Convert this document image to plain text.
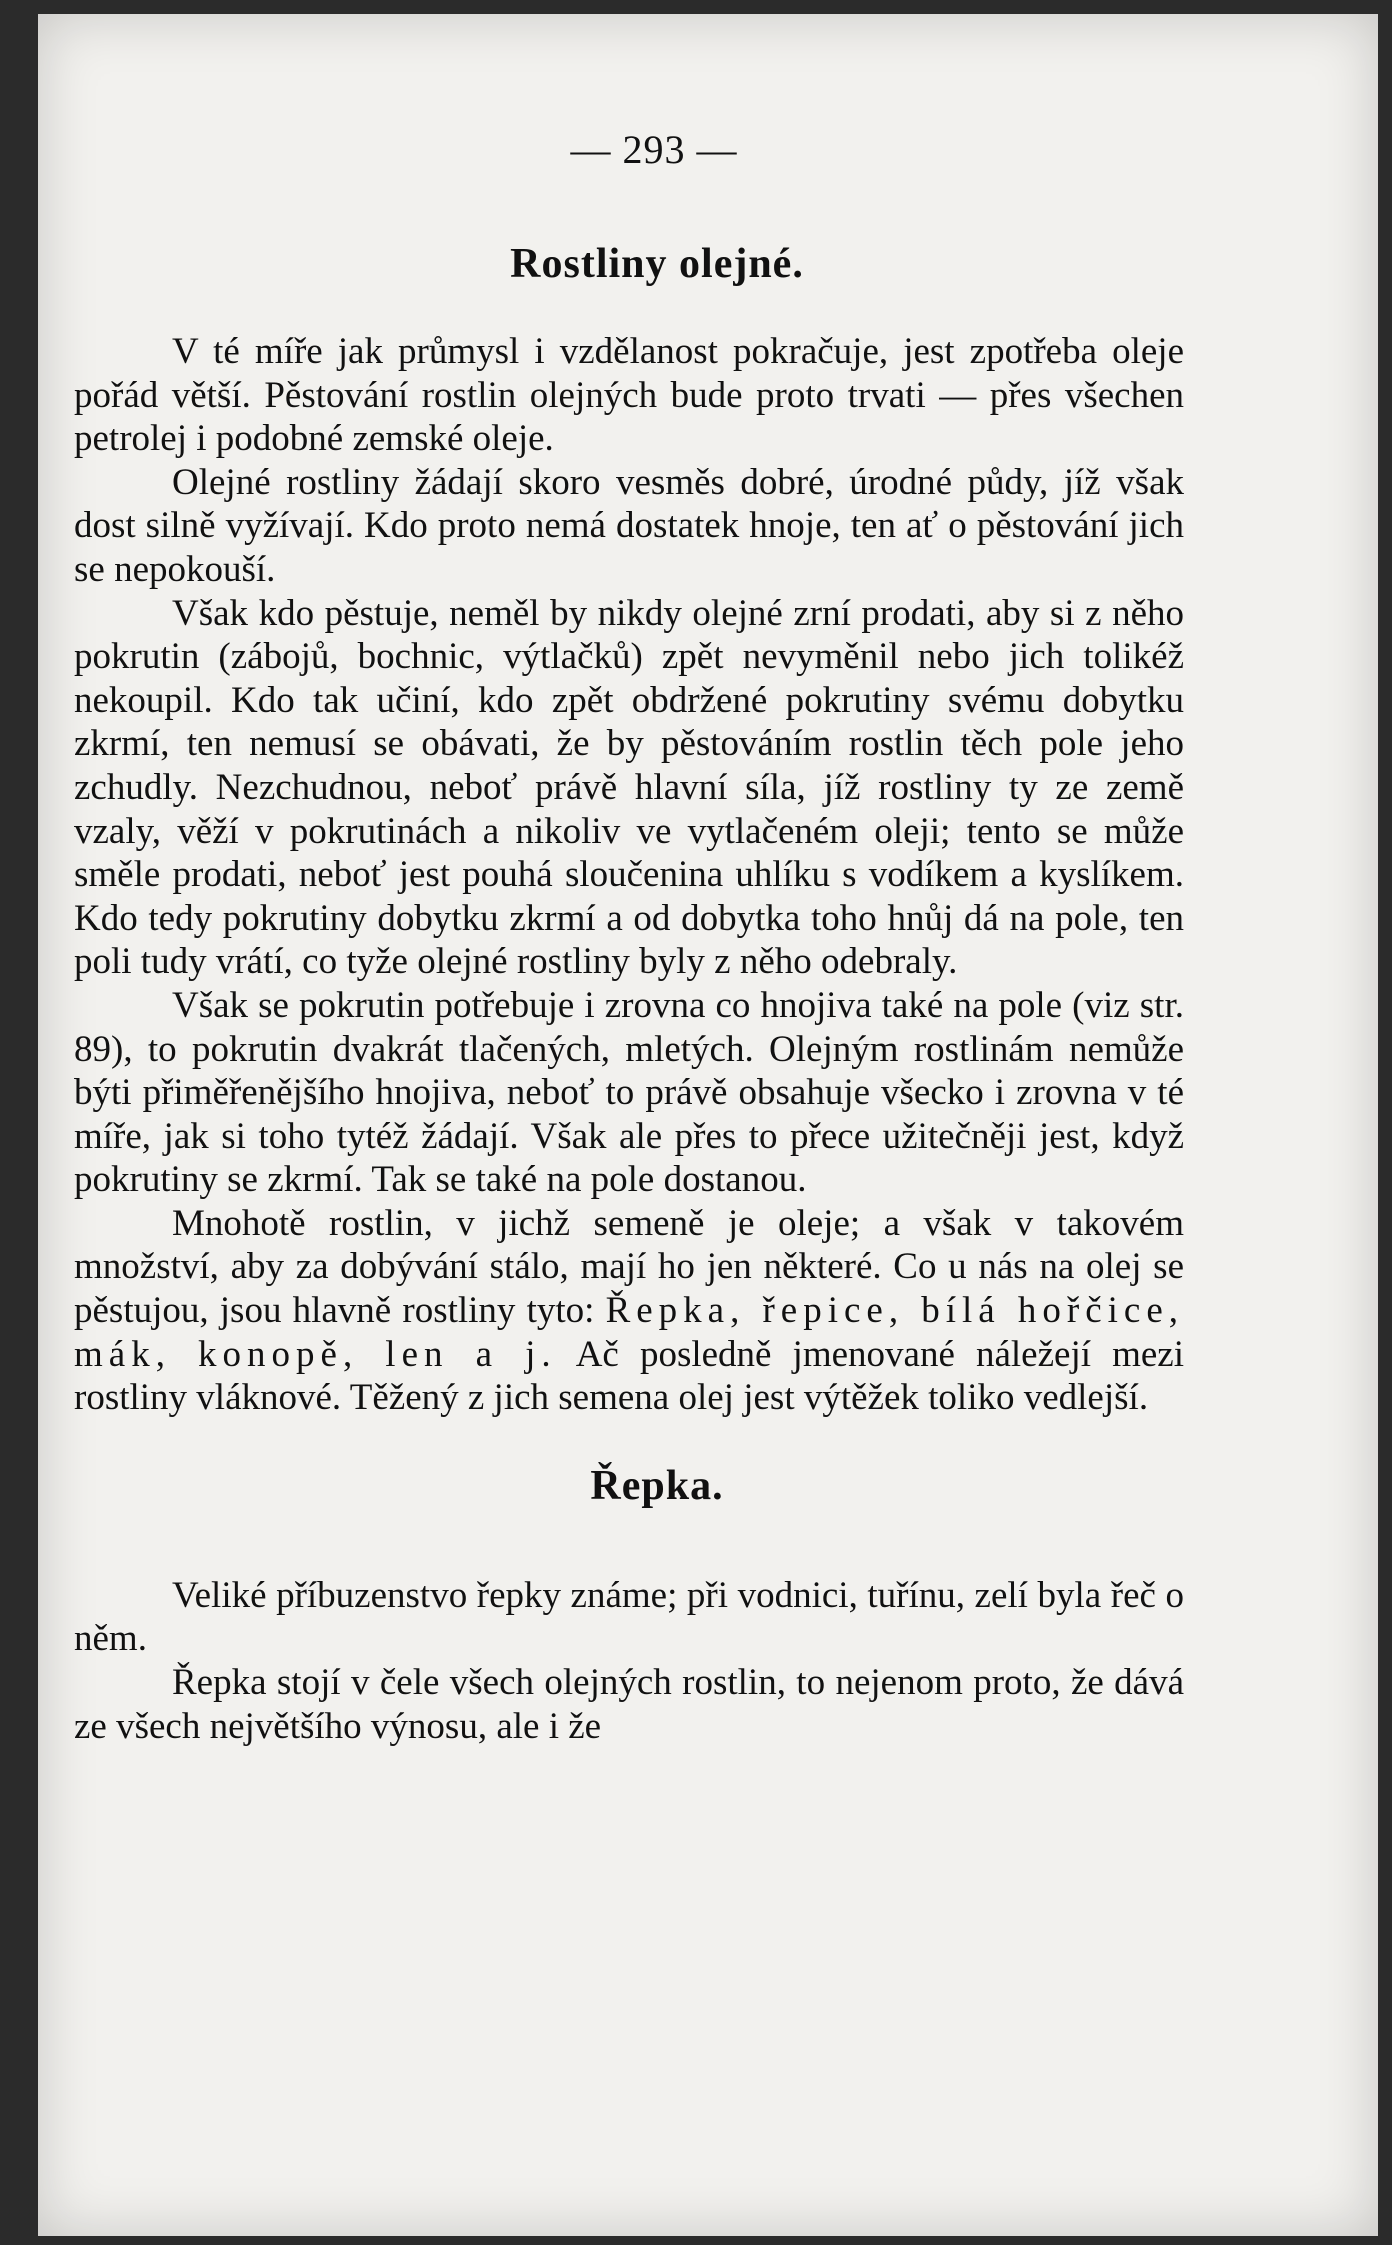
— 293 —
Rostliny olejné.

V té míře jak průmysl i vzdělanost pokračuje, jest zpotřeba oleje pořád větší. Pěstování rostlin olejných bude proto trvati — přes všechen petrolej i podobné zemské oleje.

Olejné rostliny žádají skoro vesměs dobré, úrodné půdy, jíž však dost silně vyžívají. Kdo proto nemá dostatek hnoje, ten ať o pěstování jich se nepokouší.

Však kdo pěstuje, neměl by nikdy olejné zrní prodati, aby si z něho pokrutin (zábojů, bochnic, výtlačků) zpět nevyměnil nebo jich tolikéž nekoupil. Kdo tak učiní, kdo zpět obdržené pokrutiny svému dobytku zkrmí, ten nemusí se obávati, že by pěstováním rostlin těch pole jeho zchudly. Nezchudnou, neboť právě hlavní síla, jíž rostliny ty ze země vzaly, věží v pokrutinách a nikoliv ve vytlačeném oleji; tento se může směle prodati, neboť jest pouhá sloučenina uhlíku s vodíkem a kyslíkem. Kdo tedy pokrutiny dobytku zkrmí a od dobytka toho hnůj dá na pole, ten poli tudy vrátí, co tyže olejné rostliny byly z něho odebraly.

Však se pokrutin potřebuje i zrovna co hnojiva také na pole (viz str. 89), to pokrutin dvakrát tlačených, mletých. Olejným rostlinám nemůže býti přiměřenějšího hnojiva, neboť to právě obsahuje všecko i zrovna v té míře, jak si toho tytéž žádají. Však ale přes to přece užitečněji jest, když pokrutiny se zkrmí. Tak se také na pole dostanou.

Mnohotě rostlin, v jichž semeně je oleje; a však v takovém množství, aby za dobývání stálo, mají ho jen některé. Co u nás na olej se pěstujou, jsou hlavně rostliny tyto: Řepka, řepice, bílá hořčice, mák, konopě, len a j. Ač posledně jmenované náležejí mezi rostliny vláknové. Těžený z jich semena olej jest výtěžek toliko vedlejší.

Řepka.

Veliké příbuzenstvo řepky známe; při vodnici, tuřínu, zelí byla řeč o něm.

Řepka stojí v čele všech olejných rostlin, to nejenom proto, že dává ze všech největšího výnosu, ale i že
